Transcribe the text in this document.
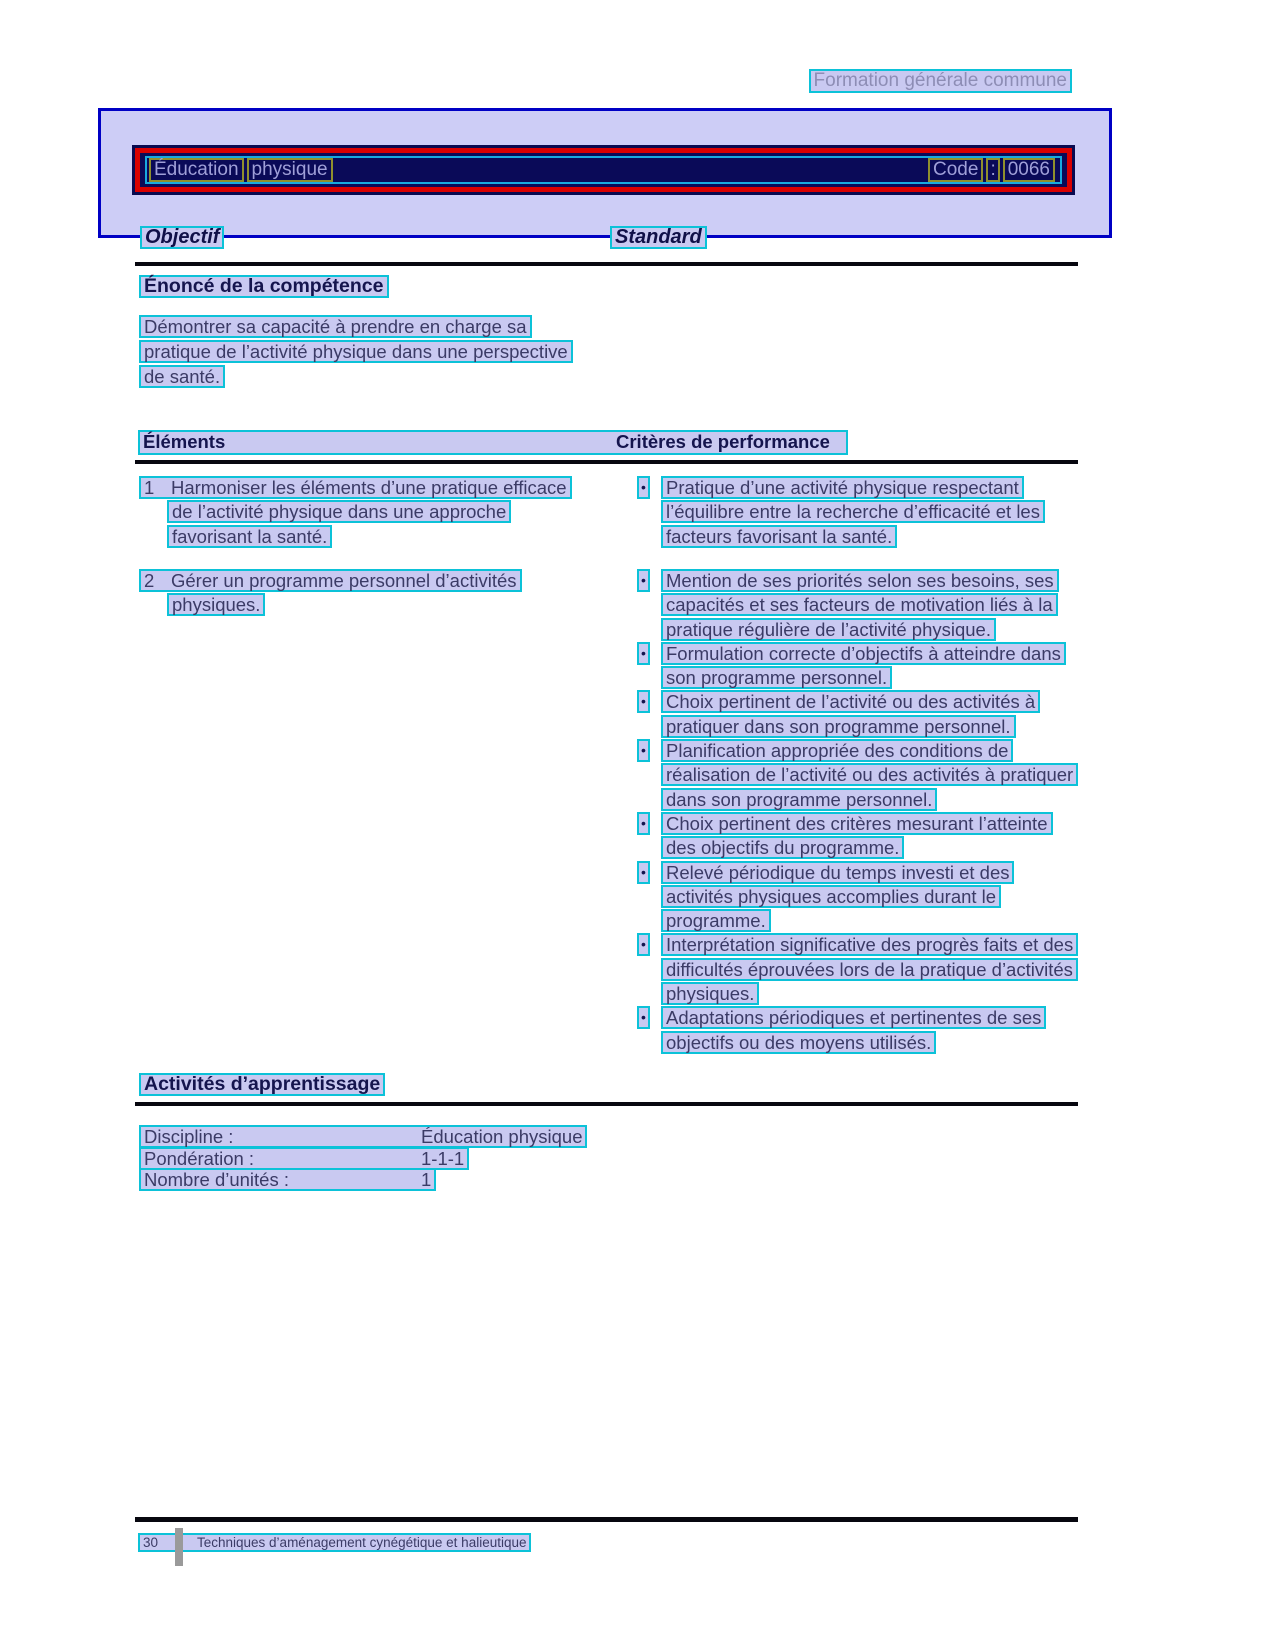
Formation générale commune
Éducation physique	Code : 0066
Objectif	Standard
Énoncé de la compétence
Démontrer sa capacité à prendre en charge sa
pratique de l’activité physique dans une perspective
de santé.
Éléments	Critères de performance
1 Harmoniser les éléments d’une pratique efficace
de l’activité physique dans une approche
favorisant la santé.
• Pratique d’une activité physique respectant
l’équilibre entre la recherche d’efficacité et les
facteurs favorisant la santé.
2 Gérer un programme personnel d’activités
physiques.
• Mention de ses priorités selon ses besoins, ses
capacités et ses facteurs de motivation liés à la
pratique régulière de l’activité physique.
• Formulation correcte d’objectifs à atteindre dans
son programme personnel.
• Choix pertinent de l’activité ou des activités à
pratiquer dans son programme personnel.
• Planification appropriée des conditions de
réalisation de l’activité ou des activités à pratiquer
dans son programme personnel.
• Choix pertinent des critères mesurant l’atteinte
des objectifs du programme.
• Relevé périodique du temps investi et des
activités physiques accomplies durant le
programme.
• Interprétation significative des progrès faits et des
difficultés éprouvées lors de la pratique d’activités
physiques.
• Adaptations périodiques et pertinentes de ses
objectifs ou des moyens utilisés.
Activités d’apprentissage
Discipline :	Éducation physique
Pondération :	1-1-1
Nombre d’unités :	1
30	Techniques d’aménagement cynégétique et halieutique
